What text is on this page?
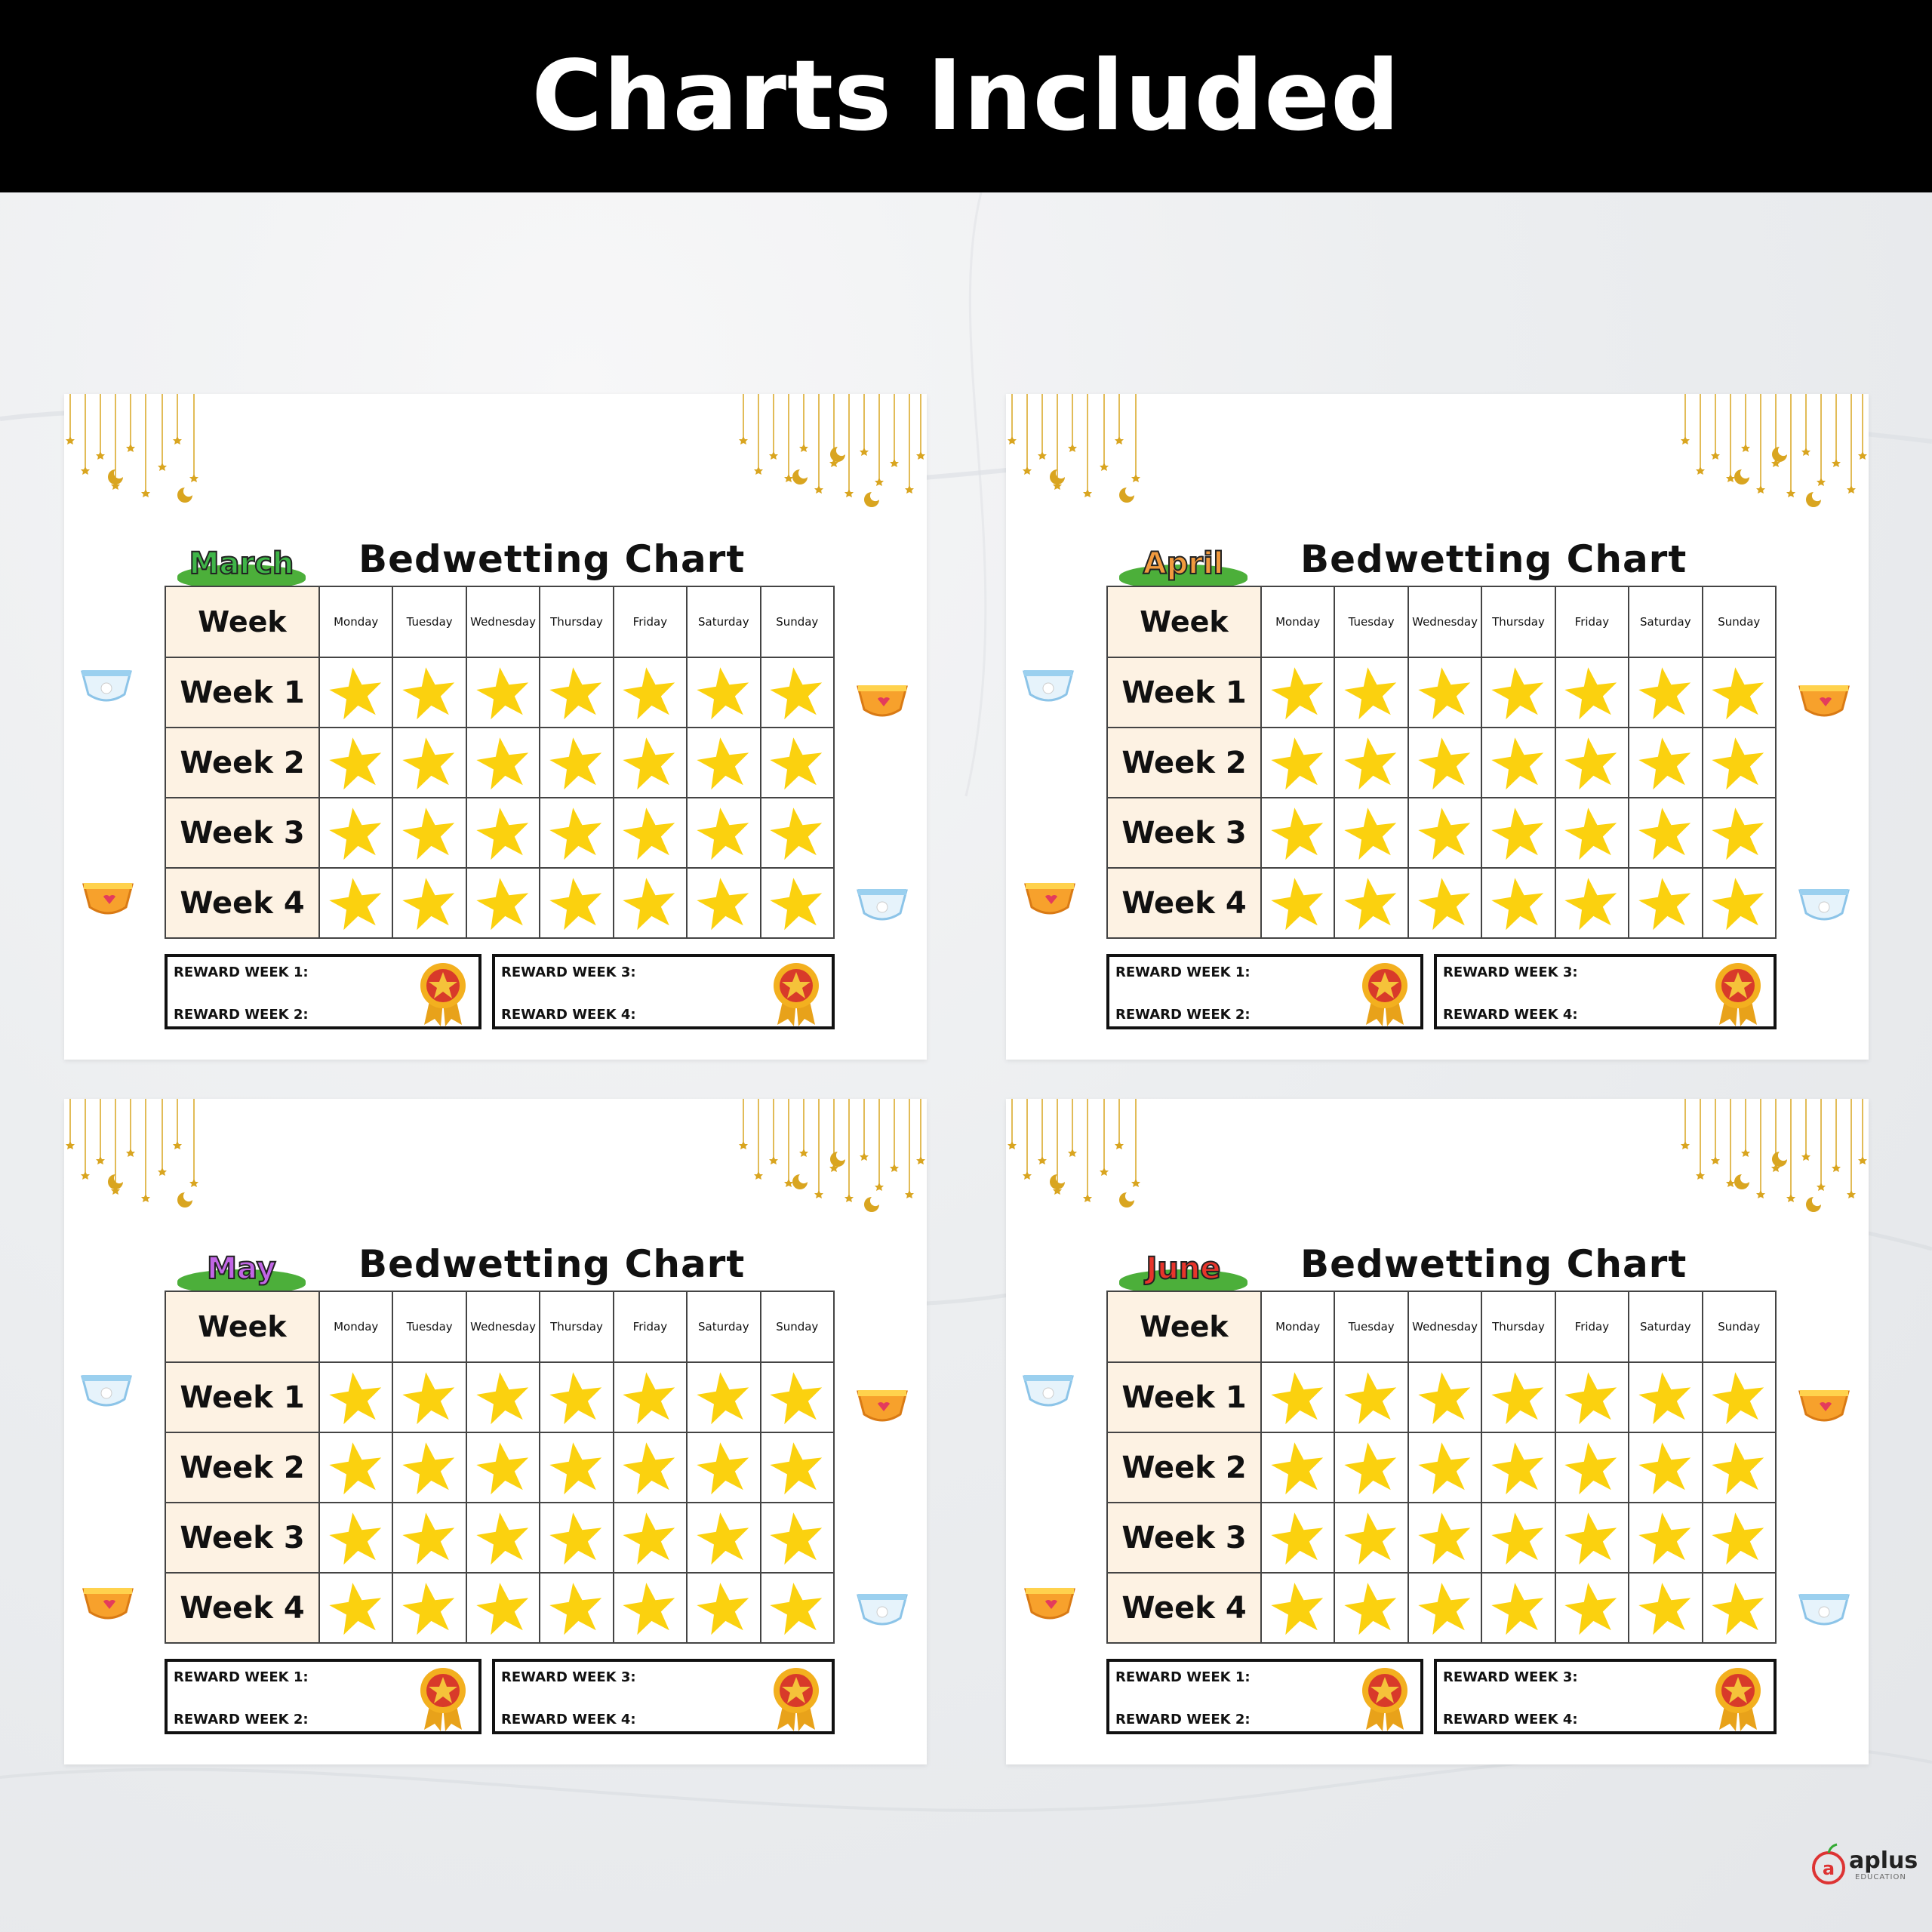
Charts Included
March	Bedwetting Chart
Week	Monday	Tuesday	Wednesday	Thursday	Friday	Saturday	Sunday
Week 1	

Week 2	

Week 3	

Week 4	

REWARD WEEK 1:
REWARD WEEK 2:
REWARD WEEK 3:
REWARD WEEK 4:
April	Bedwetting Chart
Week	Monday	Tuesday	Wednesday	Thursday	Friday	Saturday	Sunday
Week 1	

Week 2	

Week 3	

Week 4	

REWARD WEEK 1:
REWARD WEEK 2:
REWARD WEEK 3:
REWARD WEEK 4:
May	Bedwetting Chart
Week	Monday	Tuesday	Wednesday	Thursday	Friday	Saturday	Sunday
Week 1	

Week 2	

Week 3	

Week 4	

REWARD WEEK 1:
REWARD WEEK 2:
REWARD WEEK 3:
REWARD WEEK 4:
June	Bedwetting Chart
Week	Monday	Tuesday	Wednesday	Thursday	Friday	Saturday	Sunday
Week 1	

Week 2	

Week 3	

Week 4	

REWARD WEEK 1:
REWARD WEEK 2:
REWARD WEEK 3:
REWARD WEEK 4:
a aplus
EDUCATION
